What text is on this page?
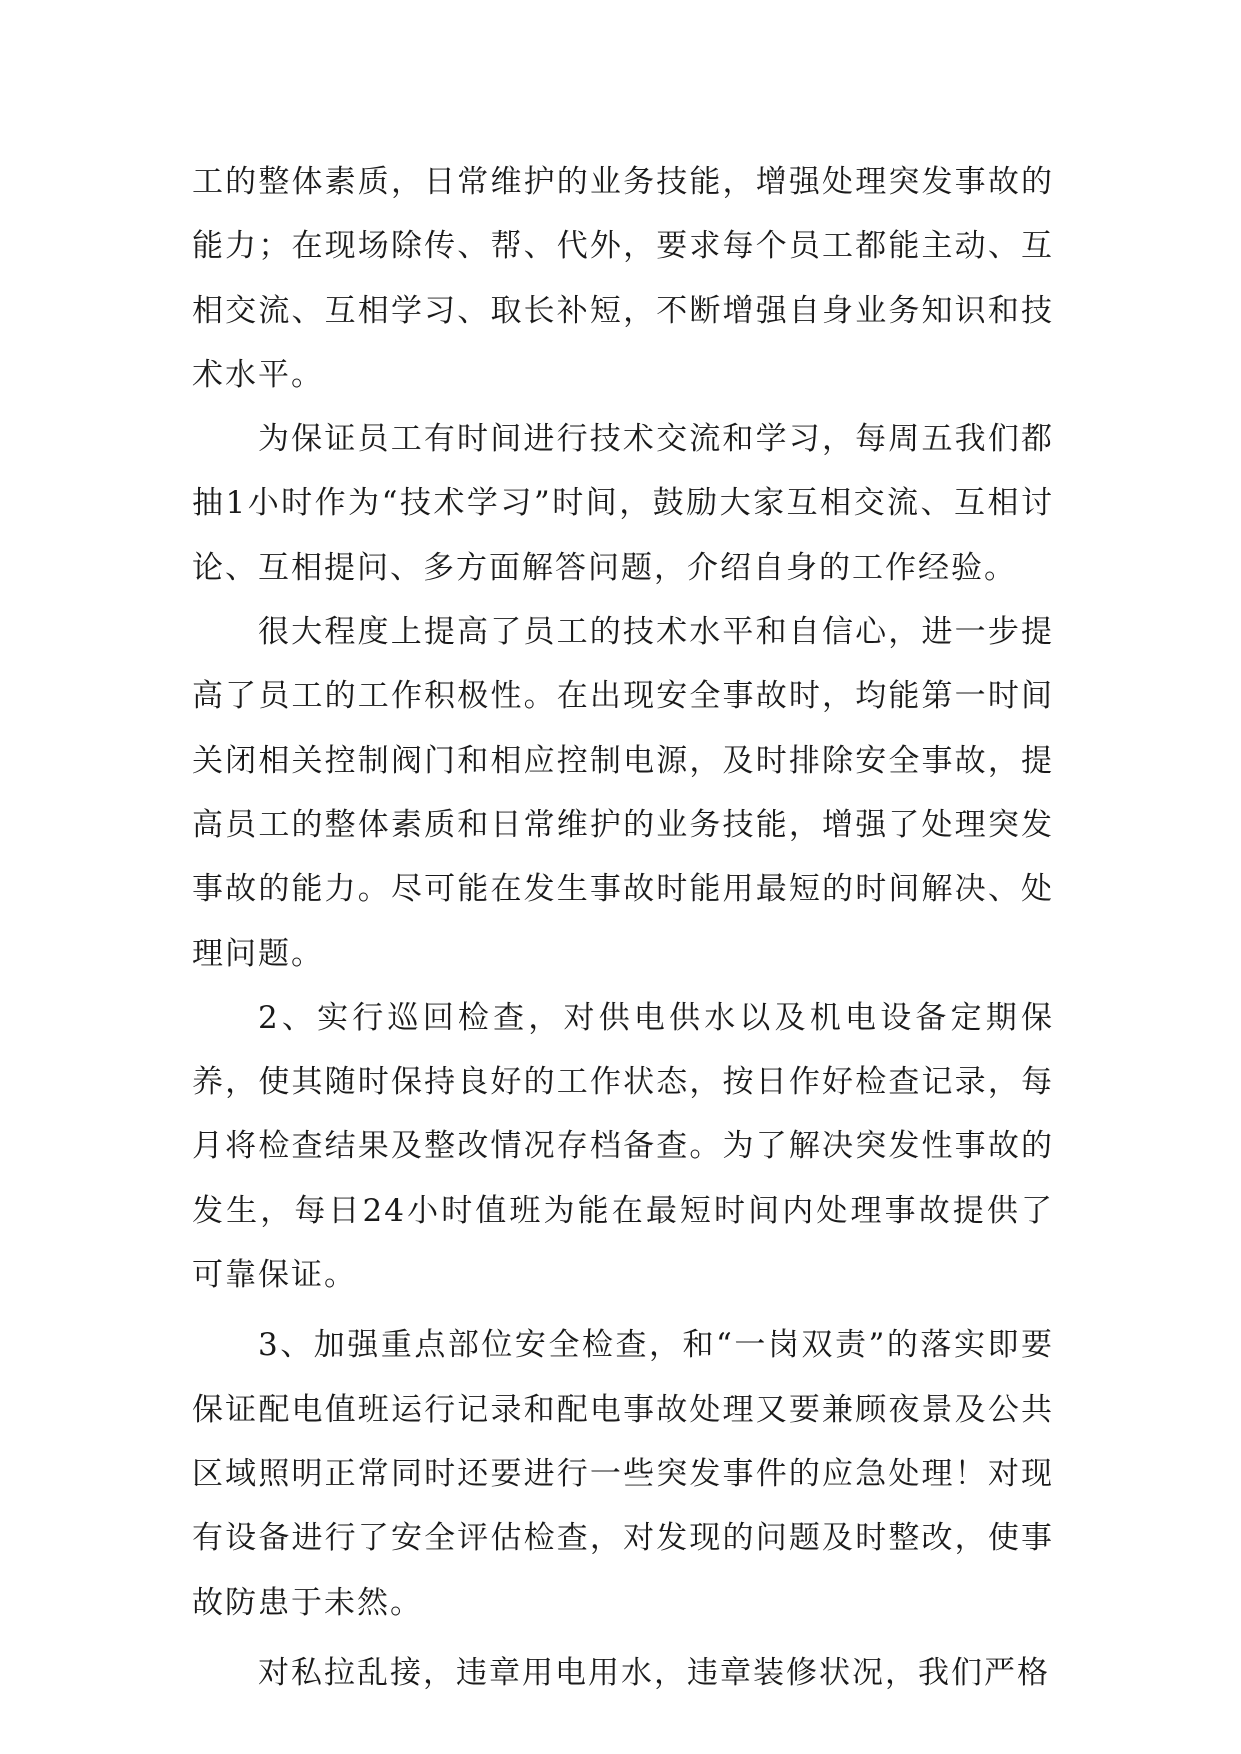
工的整体素质，日常维护的业务技能，增强处理突发事故的能力；在现场除传、帮、代外，要求每个员工都能主动、互相交流、互相学习、取长补短，不断增强自身业务知识和技术水平。

为保证员工有时间进行技术交流和学习，每周五我们都抽1小时作为“技术学习”时间，鼓励大家互相交流、互相讨论、互相提问、多方面解答问题，介绍自身的工作经验。

很大程度上提高了员工的技术水平和自信心，进一步提高了员工的工作积极性。在出现安全事故时，均能第一时间关闭相关控制阀门和相应控制电源，及时排除安全事故，提高员工的整体素质和日常维护的业务技能，增强了处理突发事故的能力。尽可能在发生事故时能用最短的时间解决、处理问题。

2、实行巡回检查，对供电供水以及机电设备定期保养，使其随时保持良好的工作状态，按日作好检查记录，每月将检查结果及整改情况存档备查。为了解决突发性事故的发生，每日24小时值班为能在最短时间内处理事故提供了可靠保证。

3、加强重点部位安全检查，和“一岗双责”的落实即要保证配电值班运行记录和配电事故处理又要兼顾夜景及公共区域照明正常同时还要进行一些突发事件的应急处理！对现有设备进行了安全评估检查，对发现的问题及时整改，使事故防患于未然。

对私拉乱接，违章用电用水，违章装修状况，我们严格
